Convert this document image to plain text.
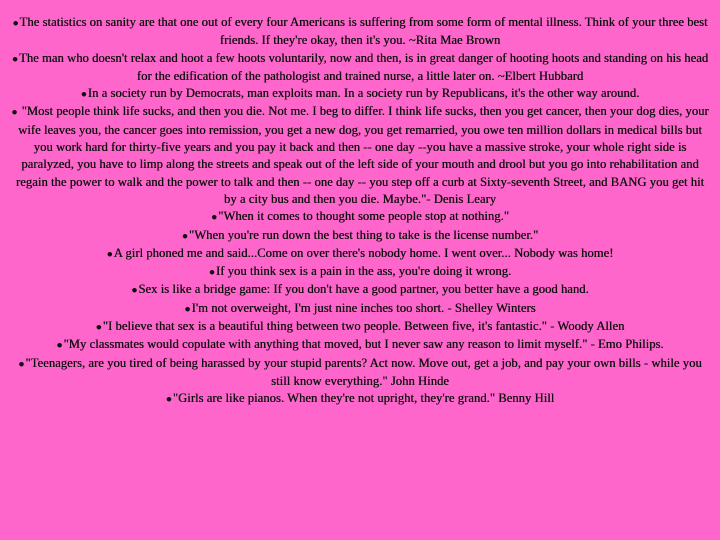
●The statistics on sanity are that one out of every four Americans is suffering from some form of mental illness. Think of your three best friends. If they're okay, then it's you. ~Rita Mae Brown

●The man who doesn't relax and hoot a few hoots voluntarily, now and then, is in great danger of hooting hoots and standing on his head for the edification of the pathologist and trained nurse, a little later on. ~Elbert Hubbard

●In a society run by Democrats, man exploits man. In a society run by Republicans, it's the other way around.

● "Most people think life sucks, and then you die. Not me. I beg to differ. I think life sucks, then you get cancer, then your dog dies, your wife leaves you, the cancer goes into remission, you get a new dog, you get remarried, you owe ten million dollars in medical bills but you work hard for thirty-five years and you pay it back and then -- one day --you have a massive stroke, your whole right side is paralyzed, you have to limp along the streets and speak out of the left side of your mouth and drool but you go into rehabilitation and regain the power to walk and the power to talk and then -- one day -- you step off a curb at Sixty-seventh Street, and BANG you get hit by a city bus and then you die. Maybe."- Denis Leary

●"When it comes to thought some people stop at nothing."

●"When you're run down the best thing to take is the license number."

●A girl phoned me and said...Come on over there's nobody home. I went over... Nobody was home!

●If you think sex is a pain in the ass, you're doing it wrong.

●Sex is like a bridge game: If you don't have a good partner, you better have a good hand.

●I'm not overweight, I'm just nine inches too short. - Shelley Winters

●"I believe that sex is a beautiful thing between two people. Between five, it's fantastic." - Woody Allen

●"My classmates would copulate with anything that moved, but I never saw any reason to limit myself." - Emo Philips.

●"Teenagers, are you tired of being harassed by your stupid parents? Act now. Move out, get a job, and pay your own bills - while you still know everything." John Hinde

●"Girls are like pianos. When they're not upright, they're grand." Benny Hill
